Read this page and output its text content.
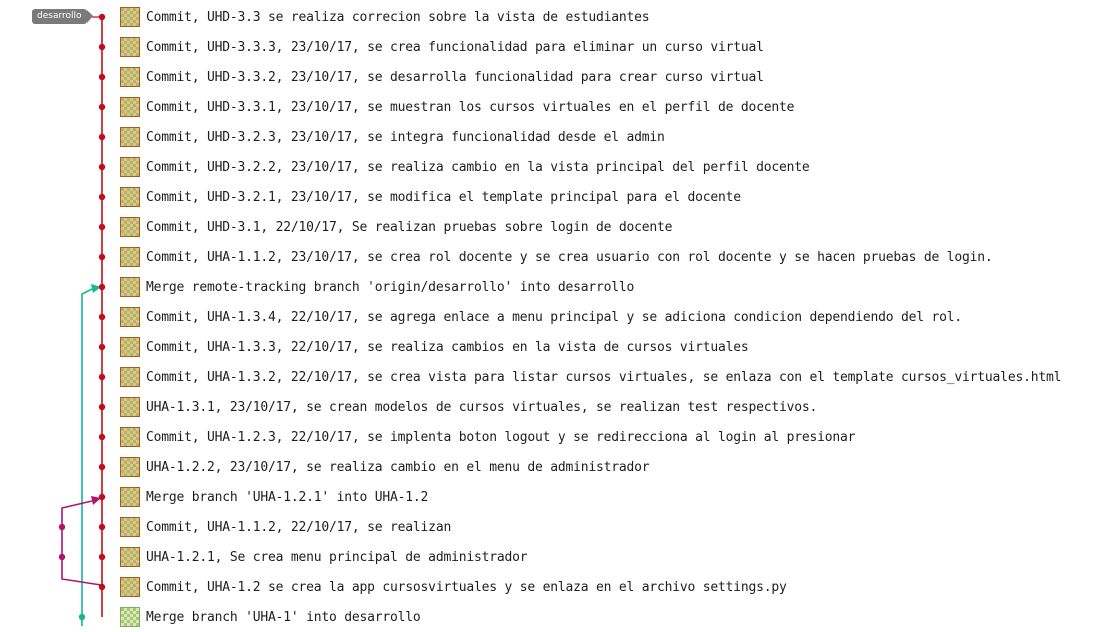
desarrollo	Commit, UHD-3.3 se realiza correcion sobre la vista de estudiantes
Commit, UHD-3.3.3, 23/10/17, se crea funcionalidad para eliminar un curso virtual
Commit, UHD-3.3.2, 23/10/17, se desarrolla funcionalidad para crear curso virtual
Commit, UHD-3.3.1, 23/10/17, se muestran los cursos virtuales en el perfil de docente
Commit, UHD-3.2.3, 23/10/17, se integra funcionalidad desde el admin
Commit, UHD-3.2.2, 23/10/17, se realiza cambio en la vista principal del perfil docente
Commit, UHD-3.2.1, 23/10/17, se modifica el template principal para el docente
Commit, UHD-3.1, 22/10/17, Se realizan pruebas sobre login de docente
Commit, UHA-1.1.2, 23/10/17, se crea rol docente y se crea usuario con rol docente y se hacen pruebas de login.
Merge remote-tracking branch 'origin/desarrollo' into desarrollo
Commit, UHA-1.3.4, 22/10/17, se agrega enlace a menu principal y se adiciona condicion dependiendo del rol.
Commit, UHA-1.3.3, 22/10/17, se realiza cambios en la vista de cursos virtuales
Commit, UHA-1.3.2, 22/10/17, se crea vista para listar cursos virtuales, se enlaza con el template cursos_virtuales.html
UHA-1.3.1, 23/10/17, se crean modelos de cursos virtuales, se realizan test respectivos.
Commit, UHA-1.2.3, 22/10/17, se implenta boton logout y se redirecciona al login al presionar
UHA-1.2.2, 23/10/17, se realiza cambio en el menu de administrador
Merge branch 'UHA-1.2.1' into UHA-1.2
Commit, UHA-1.1.2, 22/10/17, se realizan
UHA-1.2.1, Se crea menu principal de administrador
Commit, UHA-1.2 se crea la app cursosvirtuales y se enlaza en el archivo settings.py
Merge branch 'UHA-1' into desarrollo
